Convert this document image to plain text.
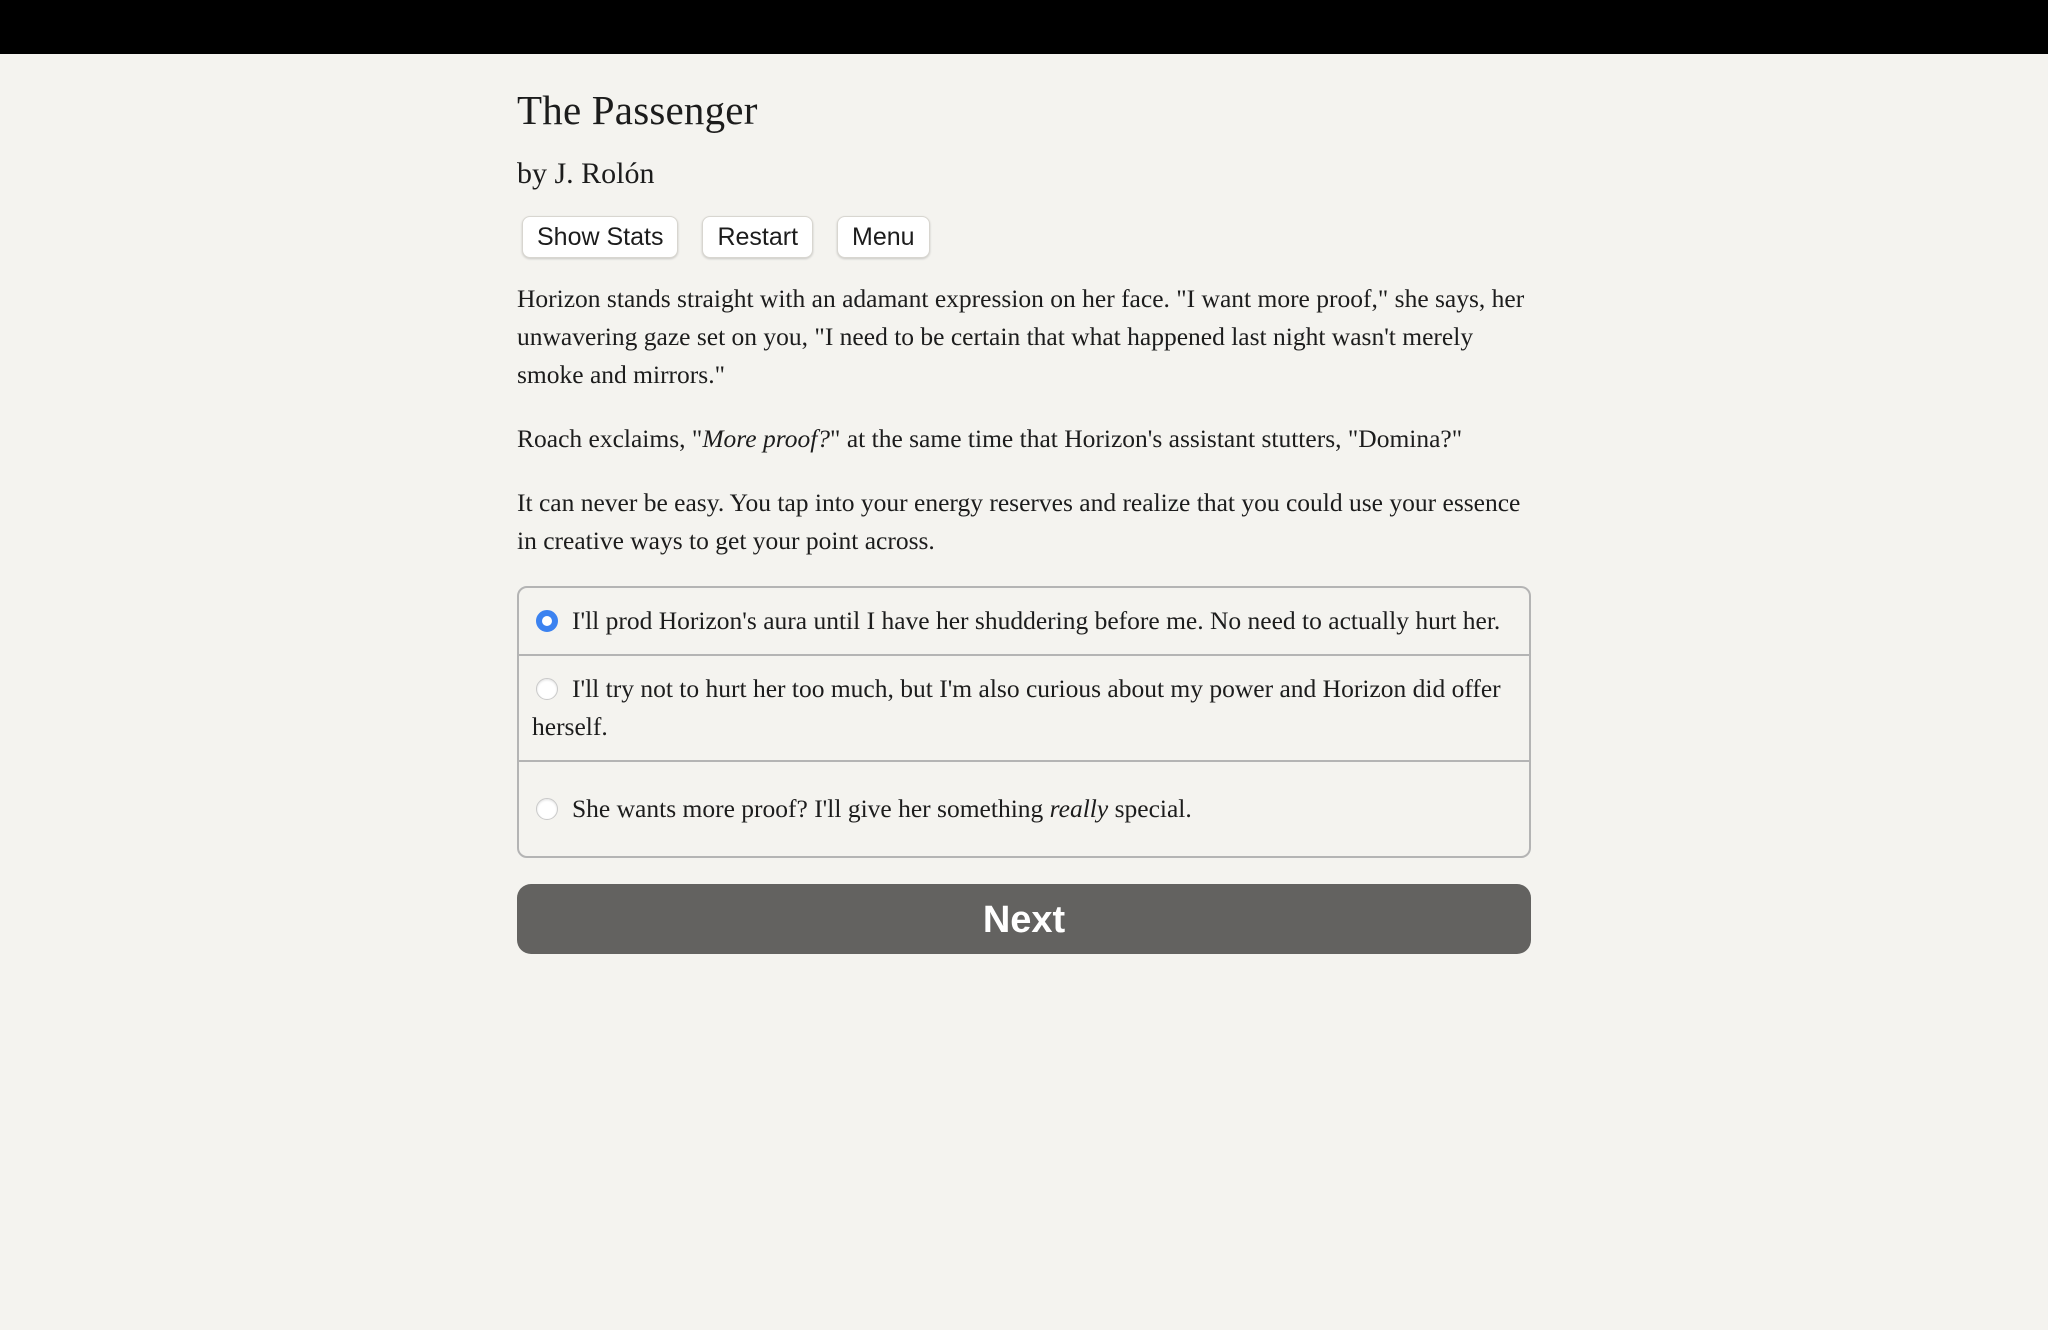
The Passenger
by J. Rolón
Show Stats	Restart	Menu

Horizon stands straight with an adamant expression on her face. "I want more proof," she says, her unwavering gaze set on you, "I need to be certain that what happened last night wasn't merely smoke and mirrors."

Roach exclaims, "More proof?" at the same time that Horizon's assistant stutters, "Domina?"

It can never be easy. You tap into your energy reserves and realize that you could use your essence in creative ways to get your point across.

I'll prod Horizon's aura until I have her shuddering before me. No need to actually hurt her.
I'll try not to hurt her too much, but I'm also curious about my power and Horizon did offer herself.
She wants more proof? I'll give her something really special.
Next
